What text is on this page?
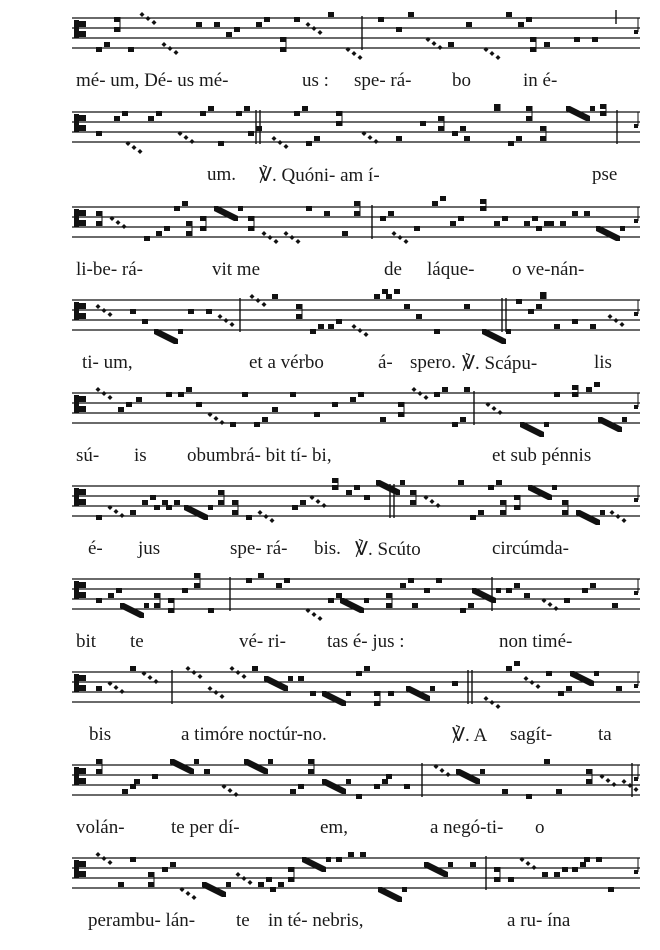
mé- um, Dé- us mé-	us : spe- rá- bo	in é-
um. ℣. Quóni- am í-	pse
li-be- rá-	vit me	de láque- o ve-nán-
ti- um,	et a vérbo	á- spero. ℣. Scápu-	lis
sú- is obumbrá- bit tí- bi,	et sub pénnis
é- jus	spe- rá- bis. ℣. Scúto	circúmda-
bit te	vé- ri- tas é- jus :	non timé-
bis	a timóre noctúr-no.	℣. A sagít- ta
volán- te per dí-	em,	a negó-ti- o
perambu- lán- te in té- nebris,	a ru- ína
